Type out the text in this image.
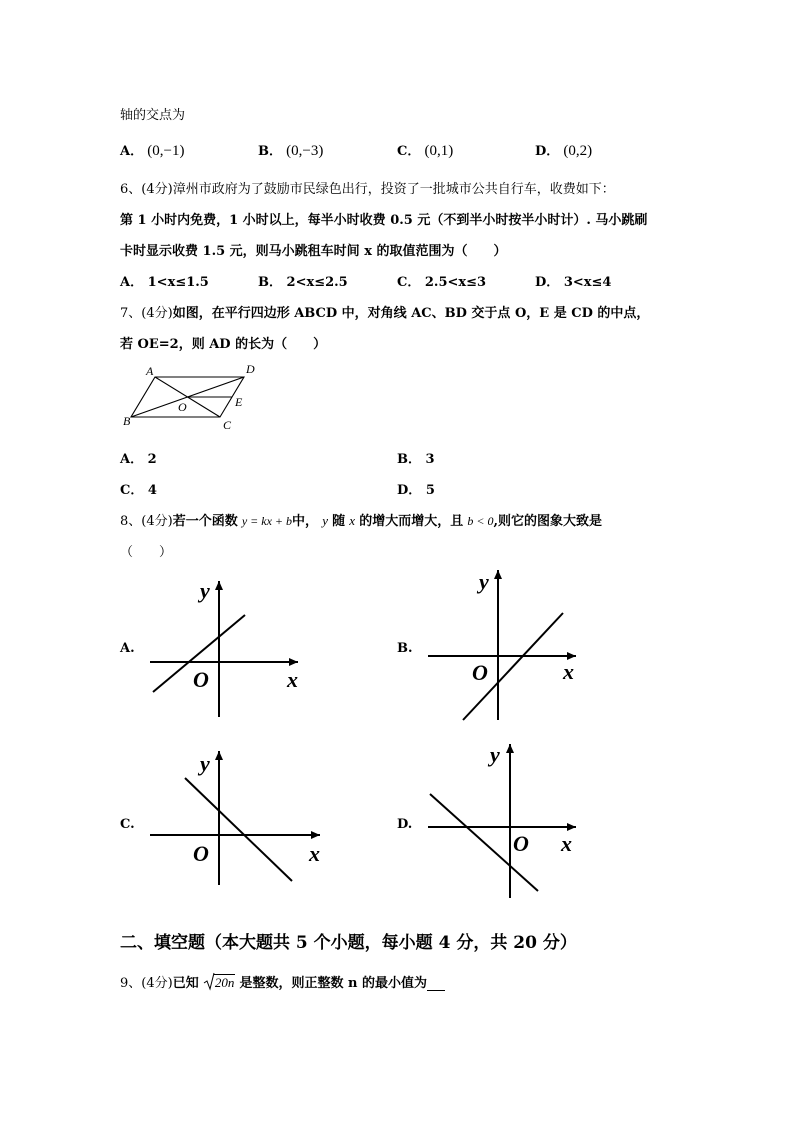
轴的交点为
A． (0,−1)	B． (0,−3)	C． (0,1)	D． (0,2)
6、(4分)漳州市政府为了鼓励市民绿色出行，投资了一批城市公共自行车，收费如下：
第 1 小时内免费，1 小时以上，每半小时收费 0.5 元（不到半小时按半小时计）. 马小跳刷
卡时显示收费 1.5 元，则马小跳租车时间 x 的取值范围为（　　）
A． 1<x≤1.5	B． 2<x≤2.5	C． 2.5<x≤3	D． 3<x≤4
7、(4分)如图，在平行四边形 ABCD 中，对角线 AC、BD 交于点 O，E 是 CD 的中点，
若 OE=2，则 AD 的长为（　　）
A	D
B	C
O	E
A． 2	B． 3
C． 4	D． 5
8、(4分)若一个函数 y = kx + b中， y 随 x 的增大而增大，且 b < 0,则它的图象大致是
（　　）
A.
y
x
O
B.
y
x
O
C.
y
x
O
D.
y
x
O
二、填空题（本大题共 5 个小题，每小题 4 分，共 20 分）
9、(4分)已知 20n 是整数，则正整数 n 的最小值为
